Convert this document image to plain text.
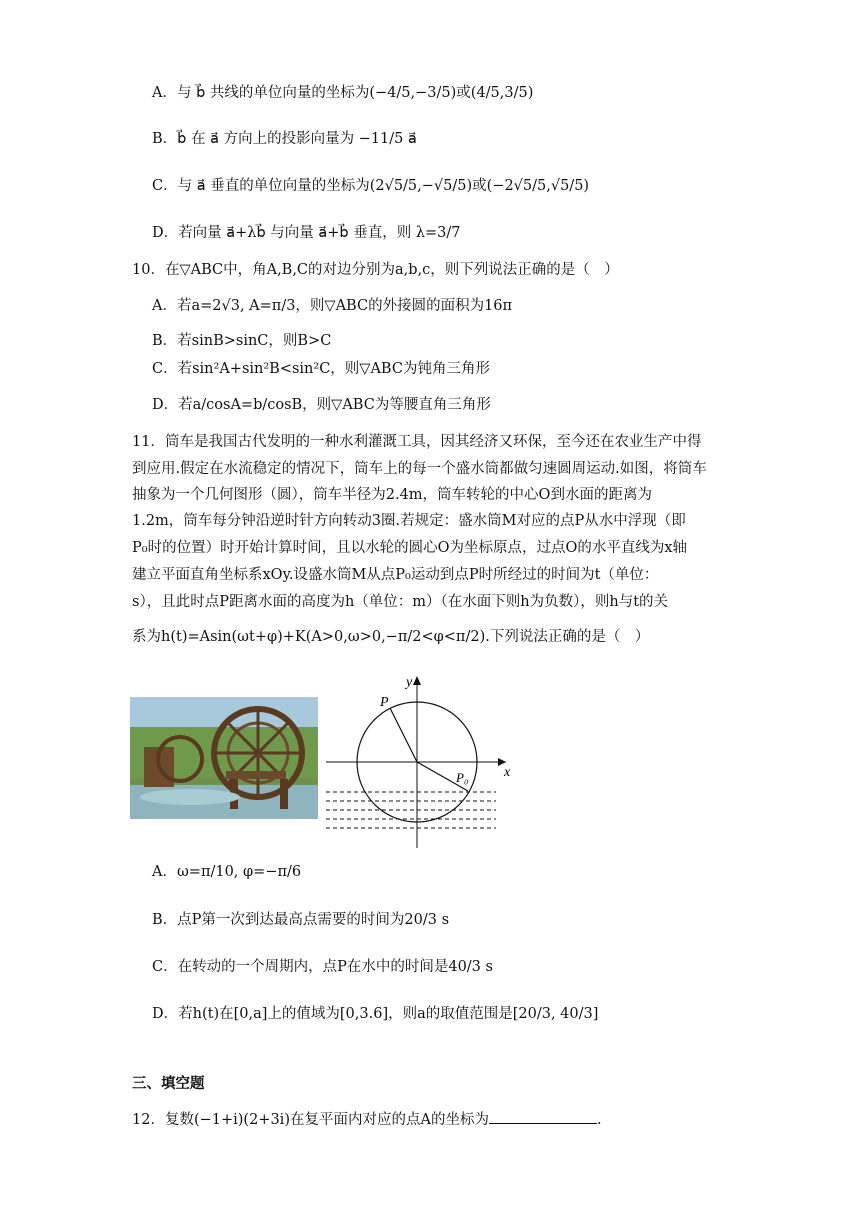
A．与 b⃗ 共线的单位向量的坐标为(−4/5,−3/5)或(4/5,3/5)
B．b⃗ 在 a⃗ 方向上的投影向量为 −11/5 a⃗
C．与 a⃗ 垂直的单位向量的坐标为(2√5/5,−√5/5)或(−2√5/5,√5/5)
D．若向量 a⃗+λb⃗ 与向量 a⃗+b⃗ 垂直，则 λ=3/7
10．在▽ABC中，角A,B,C的对边分别为a,b,c，则下列说法正确的是（　）
A．若a=2√3, A=π/3，则▽ABC的外接圆的面积为16π
B．若sinB>sinC，则B>C
C．若sin²A+sin²B<sin²C，则▽ABC为钝角三角形
D．若a/cosA=b/cosB，则▽ABC为等腰直角三角形
11．筒车是我国古代发明的一种水利灌溉工具，因其经济又环保，至今还在农业生产中得
到应用.假定在水流稳定的情况下，筒车上的每一个盛水筒都做匀速圆周运动.如图，将筒车
抽象为一个几何图形（圆），筒车半径为2.4m，筒车转轮的中心O到水面的距离为
1.2m，筒车每分钟沿逆时针方向转动3圈.若规定：盛水筒M对应的点P从水中浮现（即
P₀时的位置）时开始计算时间，且以水轮的圆心O为坐标原点，过点O的水平直线为x轴
建立平面直角坐标系xOy.设盛水筒M从点P₀运动到点P时所经过的时间为t（单位：
s），且此时点P距离水面的高度为h（单位：m）（在水面下则h为负数），则h与t的关
系为h(t)=Asin(ωt+φ)+K(A>0,ω>0,−π/2<φ<π/2).下列说法正确的是（　）
y
x
P
P₀
A．ω=π/10, φ=−π/6
B．点P第一次到达最高点需要的时间为20/3 s
C．在转动的一个周期内，点P在水中的时间是40/3 s
D．若h(t)在[0,a]上的值域为[0,3.6]，则a的取值范围是[20/3, 40/3]
三、填空题
12．复数(−1+i)(2+3i)在复平面内对应的点A的坐标为	.
